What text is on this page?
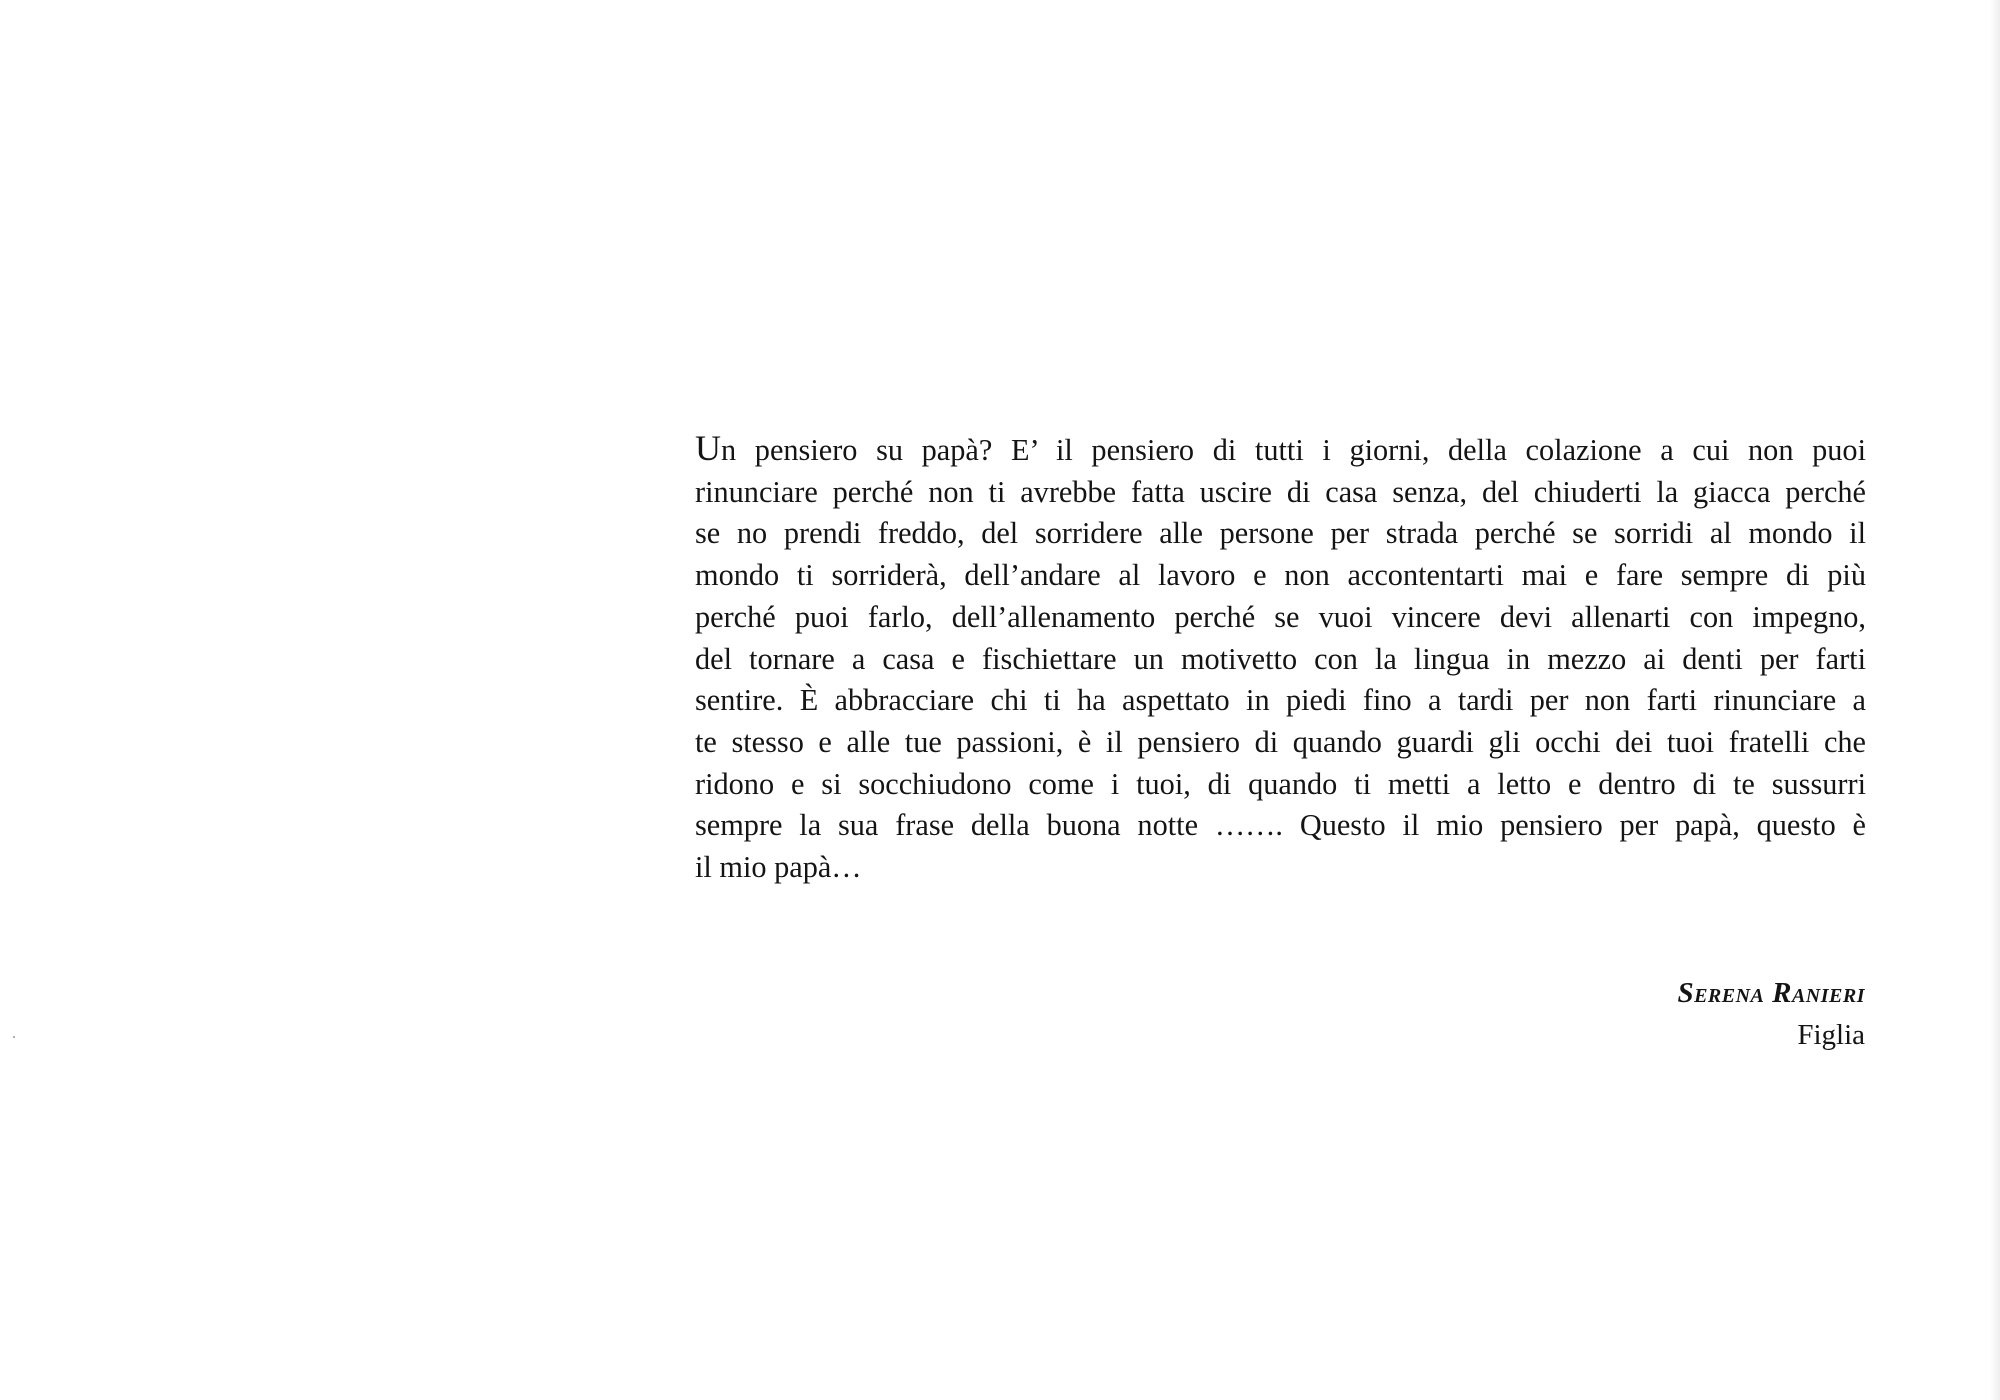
Un pensiero su papà? E’ il pensiero di tutti i giorni, della colazione a cui non puoi
rinunciare perché non ti avrebbe fatta uscire di casa senza, del chiuderti la giacca perché
se no prendi freddo, del sorridere alle persone per strada perché se sorridi al mondo il
mondo ti sorriderà, dell’andare al lavoro e non accontentarti mai e fare sempre di più
perché puoi farlo, dell’allenamento perché se vuoi vincere devi allenarti con impegno,
del tornare a casa e fischiettare un motivetto con la lingua in mezzo ai denti per farti
sentire. È abbracciare chi ti ha aspettato in piedi fino a tardi per non farti rinunciare a
te stesso e alle tue passioni, è il pensiero di quando guardi gli occhi dei tuoi fratelli che
ridono e si socchiudono come i tuoi, di quando ti metti a letto e dentro di te sussurri
sempre la sua frase della buona notte ……. Questo il mio pensiero per papà, questo è
il mio papà…
Serena Ranieri
Figlia
